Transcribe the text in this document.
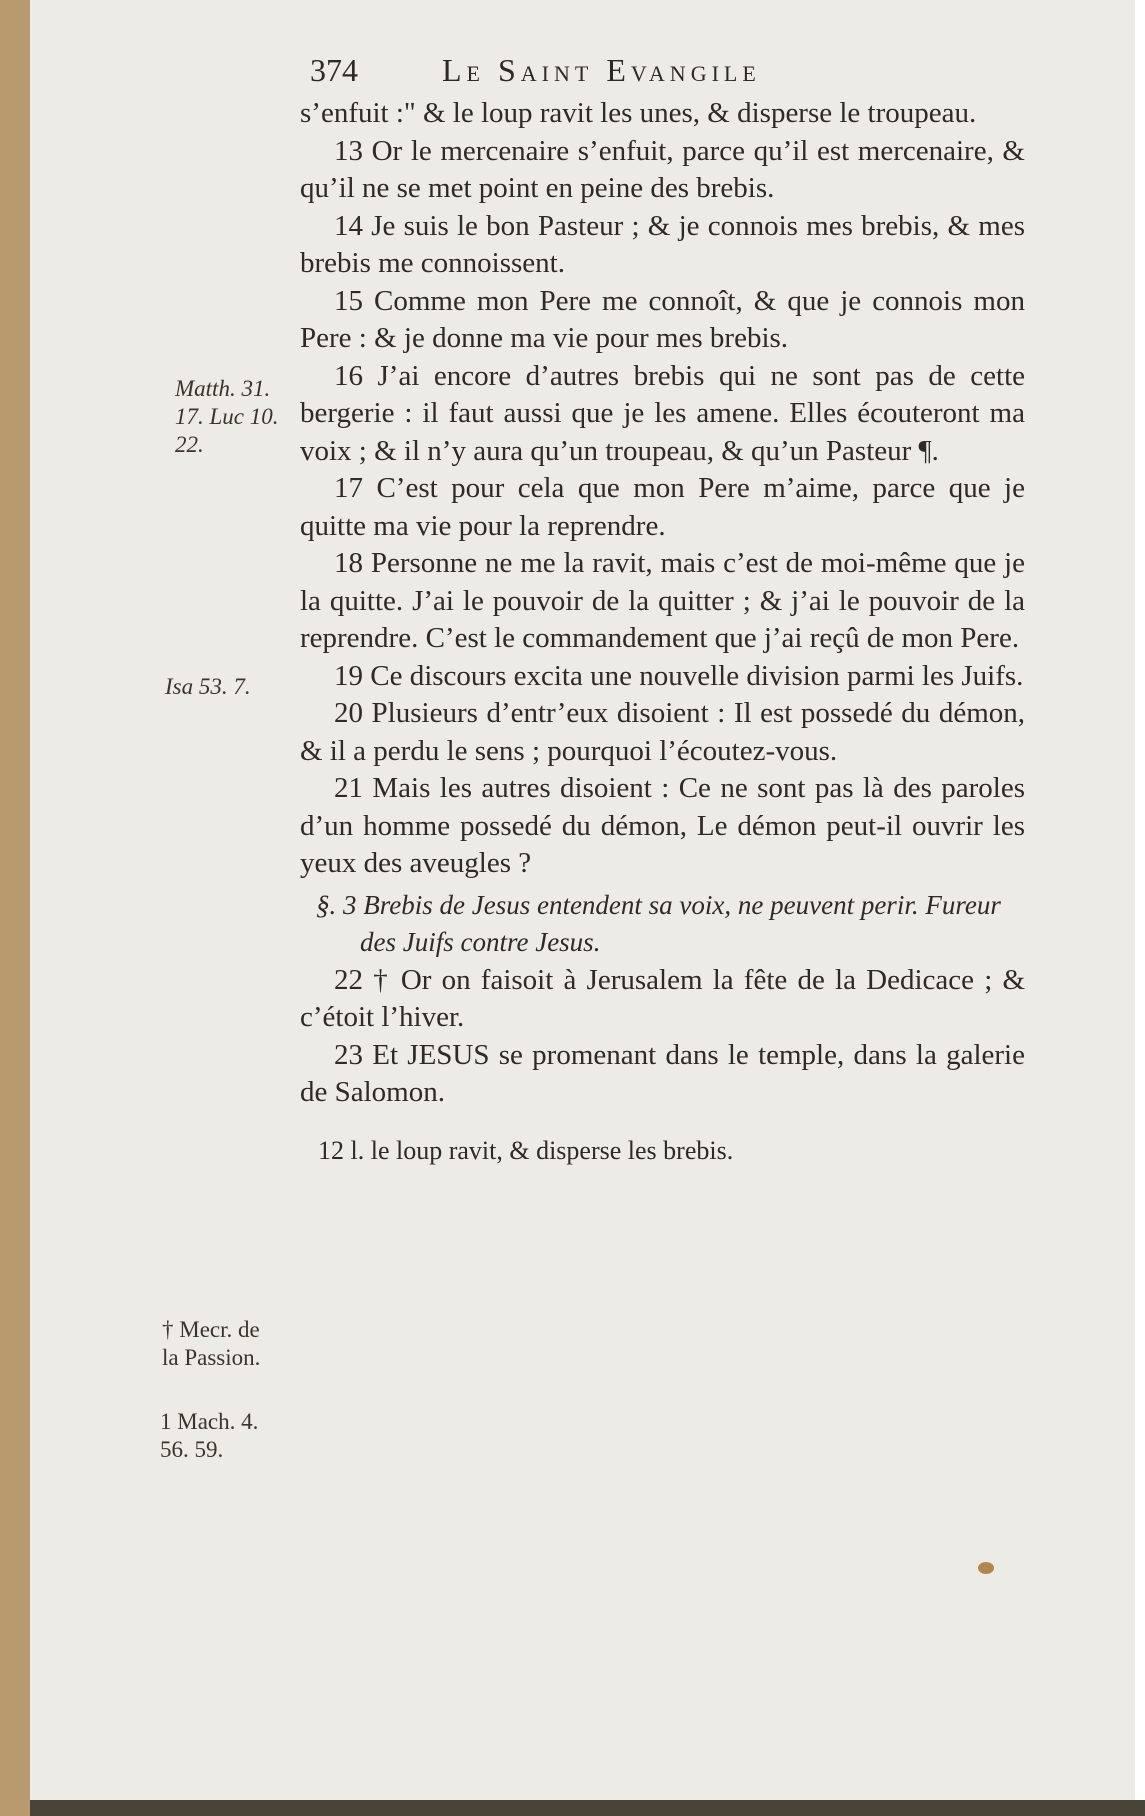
374	Le Saint Evangile
Matth. 31. 17. Luc 10. 22.
Isa 53. 7.
† Mecr. de la Passion.
1 Mach. 4. 56. 59.

s’enfuit :" & le loup ravit les unes, & disperse le troupeau.

13 Or le mercenaire s’enfuit, parce qu’il est mercenaire, & qu’il ne se met point en peine des brebis.

14 Je suis le bon Pasteur ; & je connois mes brebis, & mes brebis me connoissent.

15 Comme mon Pere me connoît, & que je connois mon Pere : & je donne ma vie pour mes brebis.

16 J’ai encore d’autres brebis qui ne sont pas de cette bergerie : il faut aussi que je les amene. Elles écouteront ma voix ; & il n’y aura qu’un troupeau, & qu’un Pasteur ¶.

17 C’est pour cela que mon Pere m’aime, parce que je quitte ma vie pour la reprendre.

18 Personne ne me la ravit, mais c’est de moi-même que je la quitte. J’ai le pouvoir de la quitter ; & j’ai le pouvoir de la reprendre. C’est le commandement que j’ai reçû de mon Pere.

19 Ce discours excita une nouvelle division parmi les Juifs.

20 Plusieurs d’entr’eux disoient : Il est possedé du démon, & il a perdu le sens ; pourquoi l’écoutez-vous.

21 Mais les autres disoient : Ce ne sont pas là des paroles d’un homme possedé du démon, Le démon peut-il ouvrir les yeux des aveugles ?

§. 3 Brebis de Jesus entendent sa voix, ne peuvent perir. Fureur des Juifs contre Jesus.

22 † Or on faisoit à Jerusalem la fête de la Dedicace ; & c’étoit l’hiver.

23 Et JESUS se promenant dans le temple, dans la galerie de Salomon.

12 l. le loup ravit, & disperse les brebis.
